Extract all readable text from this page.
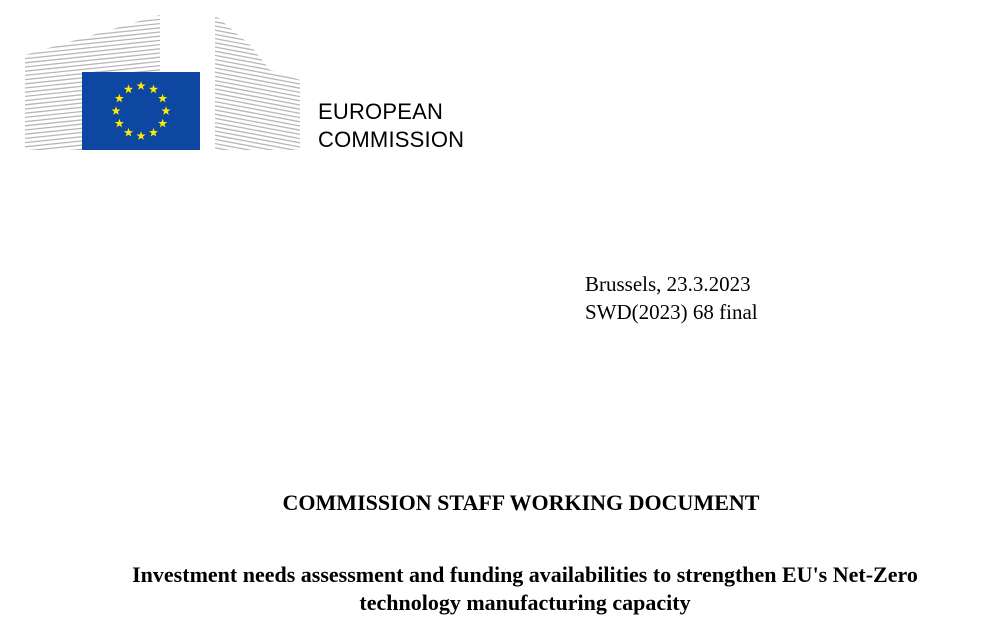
EUROPEAN
COMMISSION
Brussels, 23.3.2023
SWD(2023) 68 final
COMMISSION STAFF WORKING DOCUMENT
Investment needs assessment and funding availabilities to strengthen EU's Net-Zero
technology manufacturing capacity
